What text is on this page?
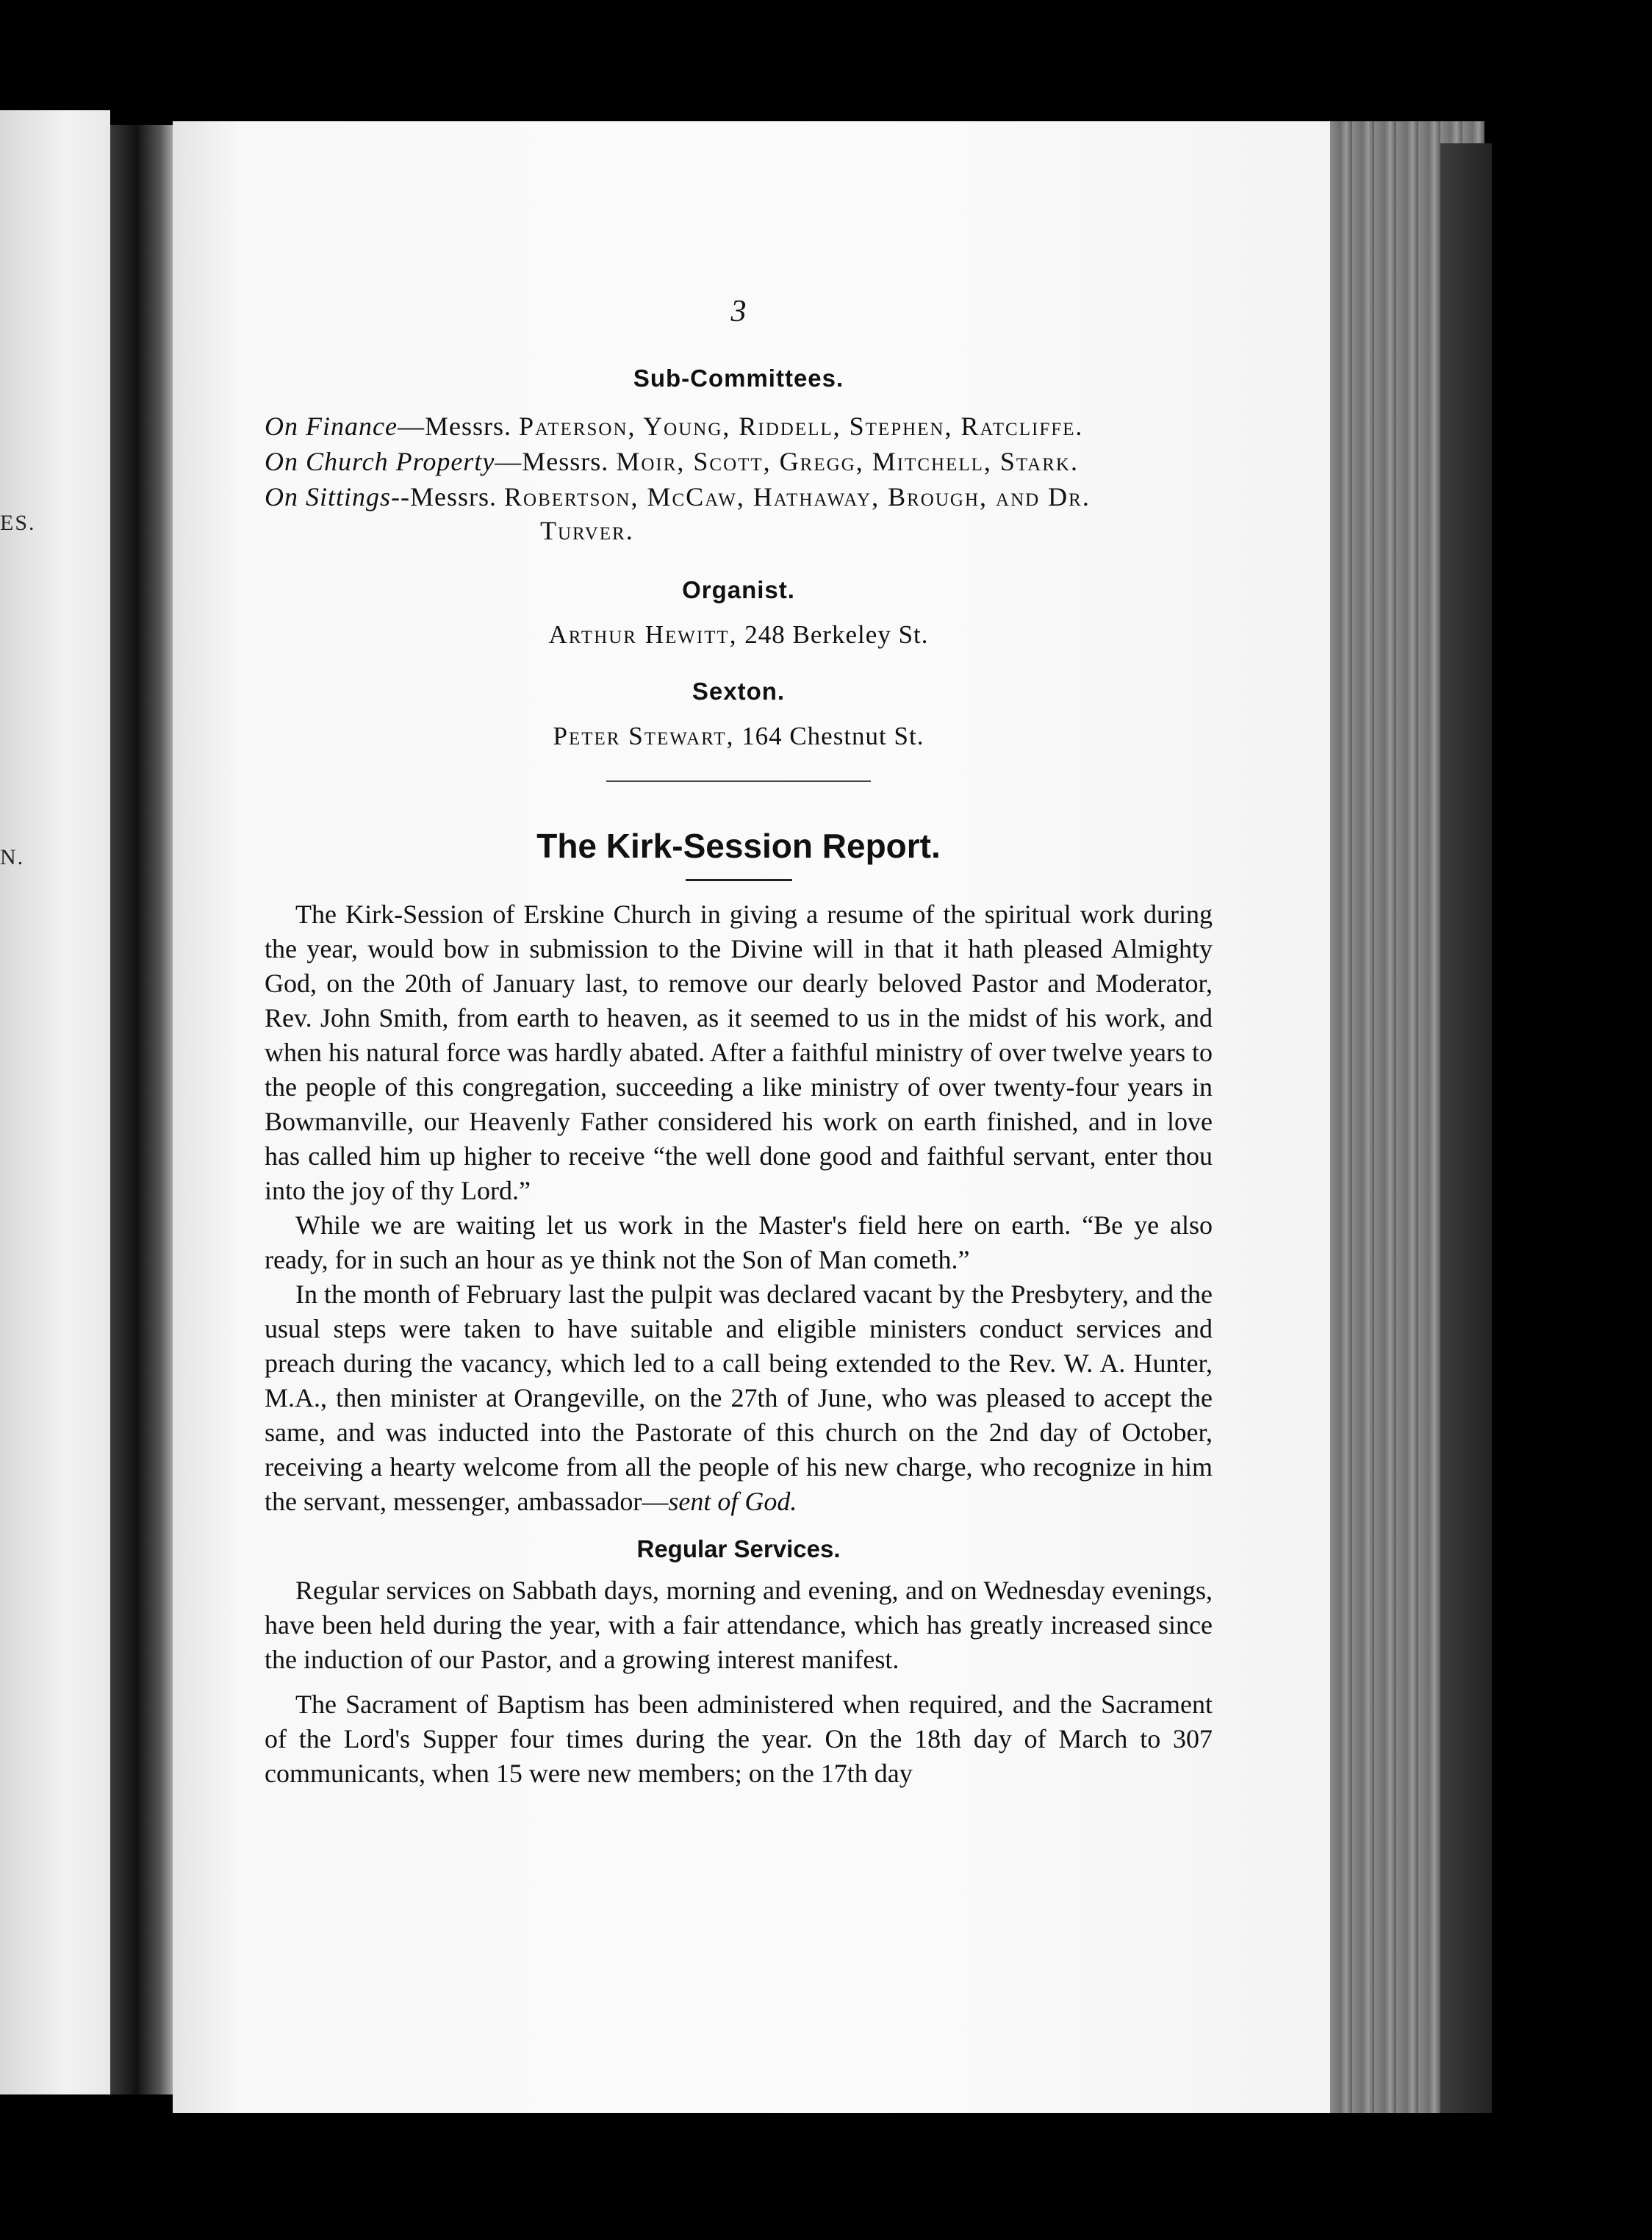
ES.
N.
3
Sub-Committees.
On Finance—Messrs. Paterson, Young, Riddell, Stephen, Ratcliffe.
On Church Property—Messrs. Moir, Scott, Gregg, Mitchell, Stark.
On Sittings--Messrs. Robertson, McCaw, Hathaway, Brough, and Dr.
Turver.
Organist.
Arthur Hewitt, 248 Berkeley St.
Sexton.
Peter Stewart, 164 Chestnut St.
The Kirk-Session Report.

The Kirk-Session of Erskine Church in giving a resume of the spiritual work during the year, would bow in submission to the Divine will in that it hath pleased Almighty God, on the 20th of January last, to remove our dearly beloved Pastor and Moderator, Rev. John Smith, from earth to heaven, as it seemed to us in the midst of his work, and when his natural force was hardly abated. After a faithful ministry of over twelve years to the people of this congregation, succeeding a like ministry of over twenty-four years in Bowmanville, our Heavenly Father considered his work on earth finished, and in love has called him up higher to receive “the well done good and faithful servant, enter thou into the joy of thy Lord.”

While we are waiting let us work in the Master's field here on earth. “Be ye also ready, for in such an hour as ye think not the Son of Man cometh.”

In the month of February last the pulpit was declared vacant by the Presbytery, and the usual steps were taken to have suitable and eligible ministers conduct services and preach during the vacancy, which led to a call being extended to the Rev. W. A. Hunter, M.A., then minister at Orangeville, on the 27th of June, who was pleased to accept the same, and was inducted into the Pastorate of this church on the 2nd day of October, receiving a hearty welcome from all the people of his new charge, who recognize in him the servant, messenger, ambassador—sent of God.

Regular Services.

Regular services on Sabbath days, morning and evening, and on Wednesday evenings, have been held during the year, with a fair attendance, which has greatly increased since the induction of our Pastor, and a growing interest manifest.

The Sacrament of Baptism has been administered when required, and the Sacrament of the Lord's Supper four times during the year. On the 18th day of March to 307 communicants, when 15 were new members; on the 17th day
